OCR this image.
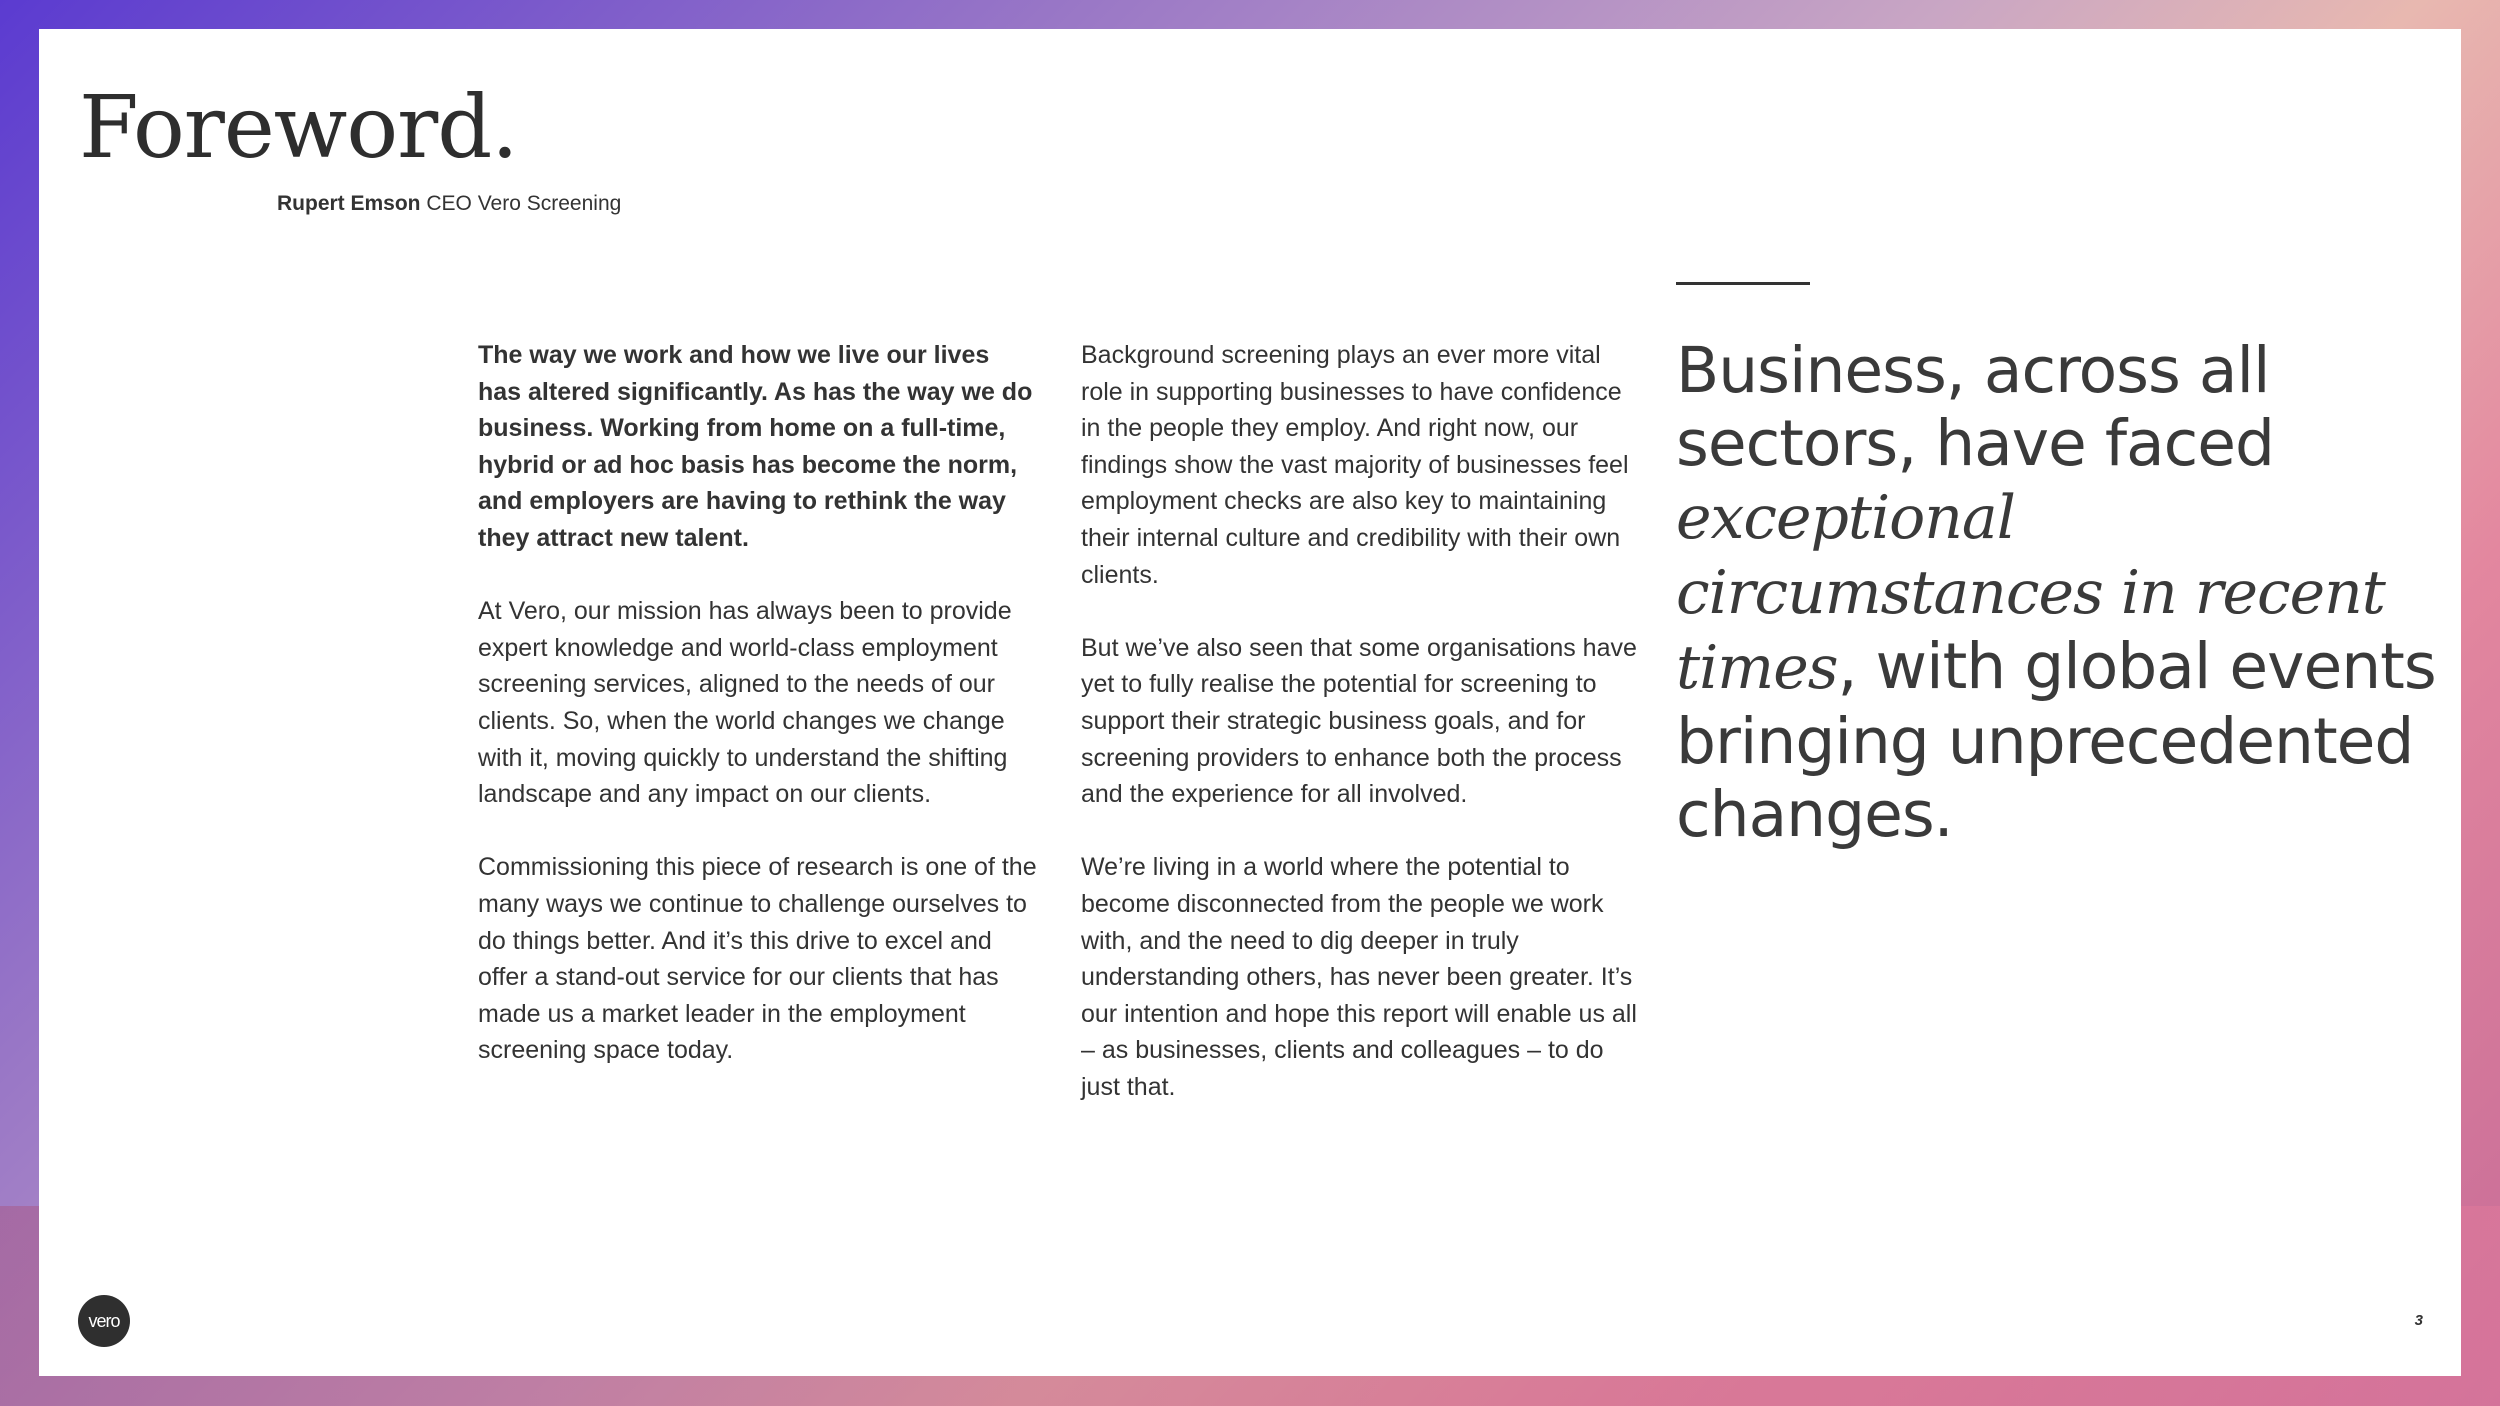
Foreword.
Rupert Emson CEO Vero Screening

The way we work and how we live our lives has altered significantly. As has the way we do business. Working from home on a full-time, hybrid or ad hoc basis has become the norm, and employers are having to rethink the way they attract new talent.

At Vero, our mission has always been to provide expert knowledge and world-class employment screening services, aligned to the needs of our clients. So, when the world changes we change with it, moving quickly to understand the shifting landscape and any impact on our clients.

Commissioning this piece of research is one of the many ways we continue to challenge ourselves to do things better. And it’s this drive to excel and offer a stand-out service for our clients that has made us a market leader in the employment screening space today.

Background screening plays an ever more vital role in supporting businesses to have confidence in the people they employ. And right now, our findings show the vast majority of businesses feel employment checks are also key to maintaining their internal culture and credibility with their own clients.

But we’ve also seen that some organisations have yet to fully realise the potential for screening to support their strategic business goals, and for screening providers to enhance both the process and the experience for all involved.

We’re living in a world where the potential to become disconnected from the people we work with, and the need to dig deeper in truly understanding others, has never been greater. It’s our intention and hope this report will enable us all – as businesses, clients and colleagues – to do just that.

Business, across all sectors, have faced exceptional circumstances in recent times, with global events bringing unprecedented changes.

vero	3
